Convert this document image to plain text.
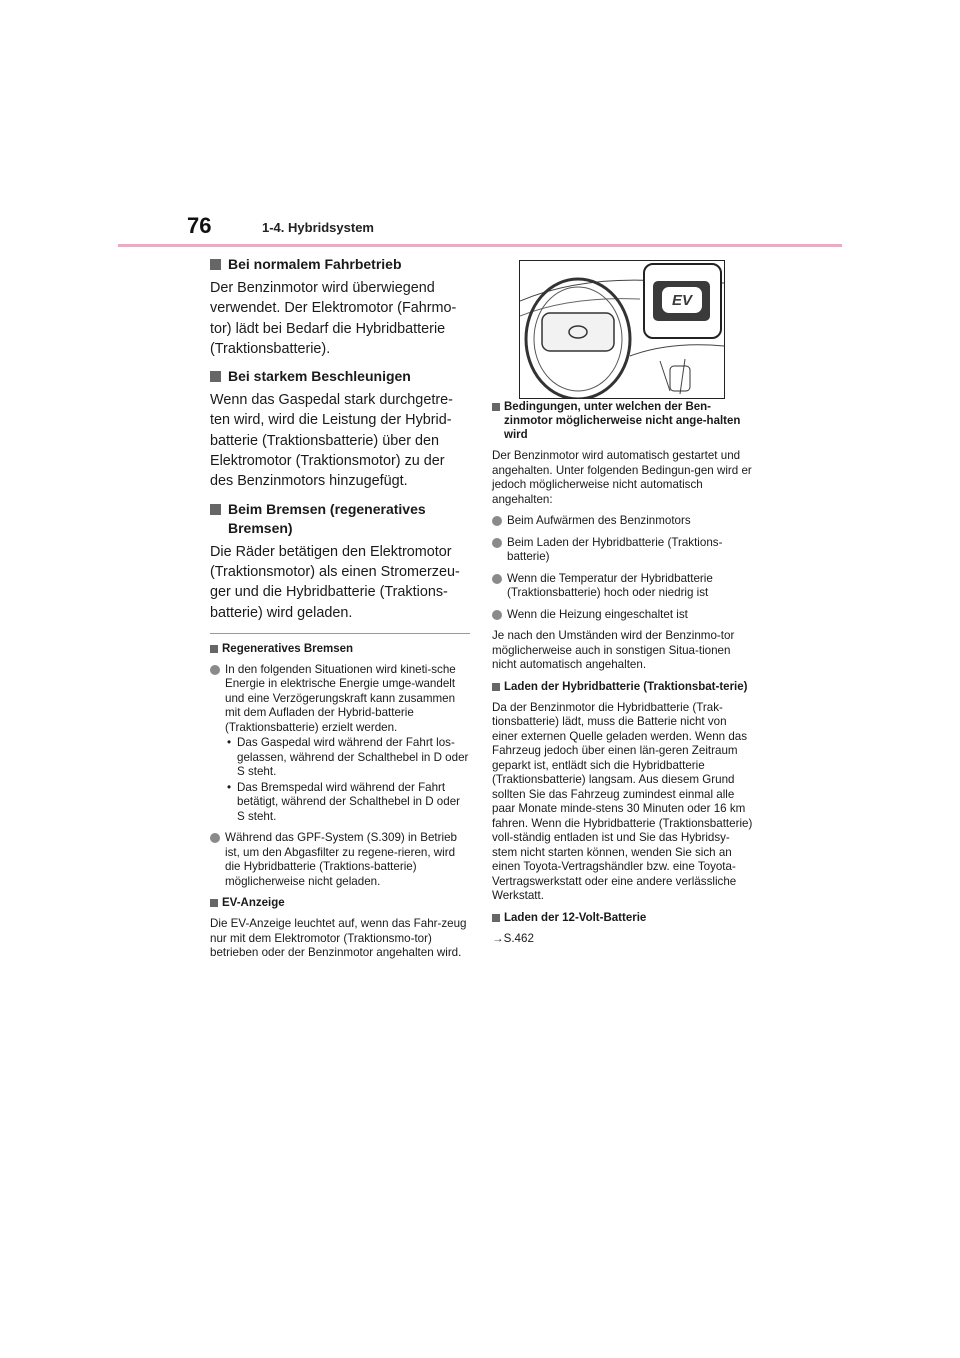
76	1-4. Hybridsystem
Bei normalem Fahrbetrieb

Der Benzinmotor wird überwiegend verwendet. Der Elektromotor (Fahrmo-tor) lädt bei Bedarf die Hybridbatterie (Traktionsbatterie).

Bei starkem Beschleunigen

Wenn das Gaspedal stark durchgetre-ten wird, wird die Leistung der Hybrid-batterie (Traktionsbatterie) über den Elektromotor (Traktionsmotor) zu der des Benzinmotors hinzugefügt.

Beim Bremsen (regeneratives Bremsen)

Die Räder betätigen den Elektromotor (Traktionsmotor) als einen Stromerzeu-ger und die Hybridbatterie (Traktions-batterie) wird geladen.

Regeneratives Bremsen
In den folgenden Situationen wird kineti-sche Energie in elektrische Energie umge-wandelt und eine Verzögerungskraft kann zusammen mit dem Aufladen der Hybrid-batterie (Traktionsbatterie) erzielt werden.
• Das Gaspedal wird während der Fahrt los-gelassen, während der Schalthebel in D oder S steht.
• Das Bremspedal wird während der Fahrt betätigt, während der Schalthebel in D oder S steht.
Während das GPF-System (S.309) in Betrieb ist, um den Abgasfilter zu regene-rieren, wird die Hybridbatterie (Traktions-batterie) möglicherweise nicht geladen.
EV-Anzeige

Die EV-Anzeige leuchtet auf, wenn das Fahr-zeug nur mit dem Elektromotor (Traktionsmo-tor) betrieben oder der Benzinmotor angehalten wird.

EV
Bedingungen, unter welchen der Ben-zinmotor möglicherweise nicht ange-halten wird

Der Benzinmotor wird automatisch gestartet und angehalten. Unter folgenden Bedingun-gen wird er jedoch möglicherweise nicht automatisch angehalten:

Beim Aufwärmen des Benzinmotors
Beim Laden der Hybridbatterie (Traktions-batterie)
Wenn die Temperatur der Hybridbatterie (Traktionsbatterie) hoch oder niedrig ist
Wenn die Heizung eingeschaltet ist

Je nach den Umständen wird der Benzinmo-tor möglicherweise auch in sonstigen Situa-tionen nicht automatisch angehalten.

Laden der Hybridbatterie (Traktionsbat-terie)

Da der Benzinmotor die Hybridbatterie (Trak-tionsbatterie) lädt, muss die Batterie nicht von einer externen Quelle geladen werden. Wenn das Fahrzeug jedoch über einen län-geren Zeitraum geparkt ist, entlädt sich die Hybridbatterie (Traktionsbatterie) langsam. Aus diesem Grund sollten Sie das Fahrzeug zumindest einmal alle paar Monate minde-stens 30 Minuten oder 16 km fahren. Wenn die Hybridbatterie (Traktionsbatterie) voll-ständig entladen ist und Sie das Hybridsy-stem nicht starten können, wenden Sie sich an einen Toyota-Vertragshändler bzw. eine Toyota-Vertragswerkstatt oder eine andere verlässliche Werkstatt.

Laden der 12-Volt-Batterie

→S.462
